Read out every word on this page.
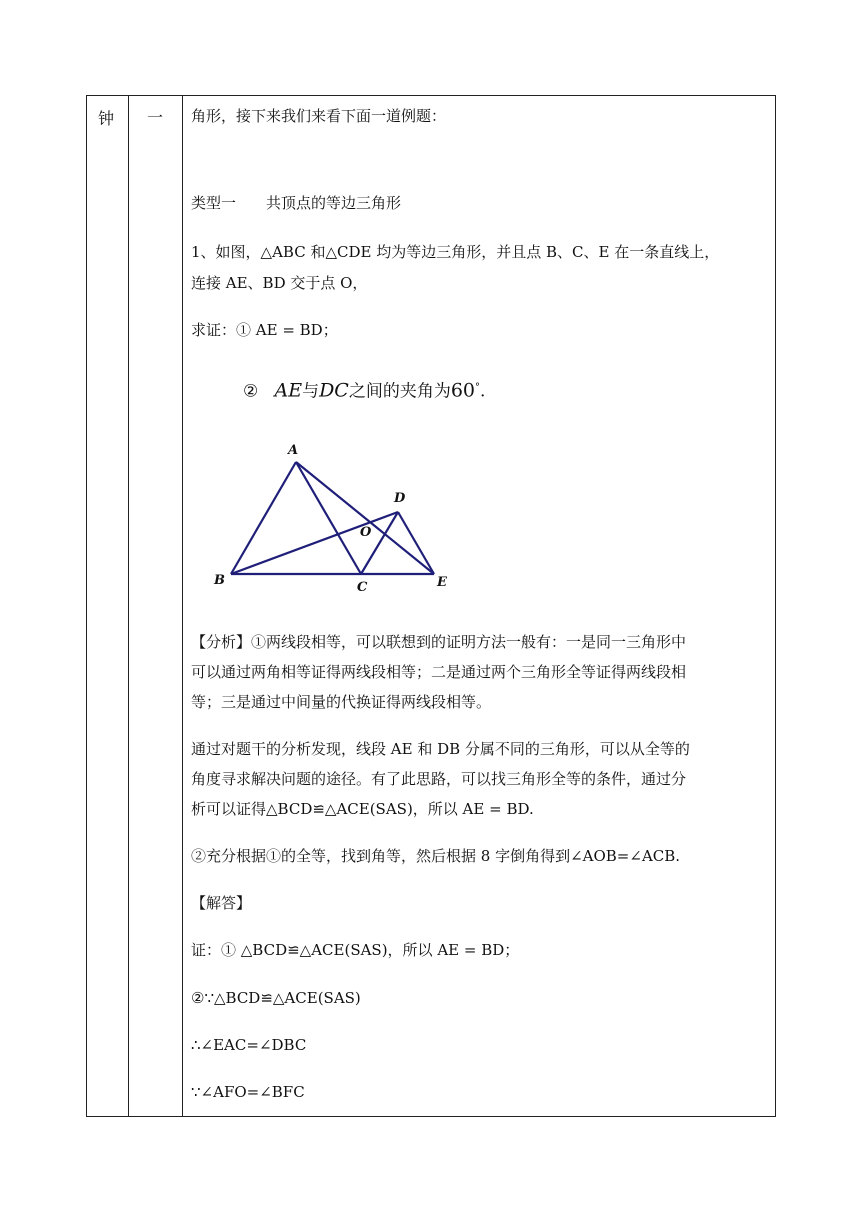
钟 一 角形，接下来我们来看下面一道例题：
类型一　　共顶点的等边三角形
1、如图，△ABC 和△CDE 均为等边三角形，并且点 B、C、E 在一条直线上，
连接 AE、BD 交于点 O，
求证：① AE = BD；
② AE与DC之间的夹角为60°.
A
B	C
D
E
O
【分析】①两线段相等，可以联想到的证明方法一般有：一是同一三角形中
可以通过两角相等证得两线段相等；二是通过两个三角形全等证得两线段相
等；三是通过中间量的代换证得两线段相等。
通过对题干的分析发现，线段 AE 和 DB 分属不同的三角形，可以从全等的
角度寻求解决问题的途径。有了此思路，可以找三角形全等的条件，通过分
析可以证得△BCD≌△ACE(SAS)，所以 AE = BD.
②充分根据①的全等，找到角等，然后根据 8 字倒角得到∠AOB=∠ACB.
【解答】
证：① △BCD≌△ACE(SAS)，所以 AE = BD；
②∵△BCD≌△ACE(SAS)
∴∠EAC=∠DBC
∵∠AFO=∠BFC
